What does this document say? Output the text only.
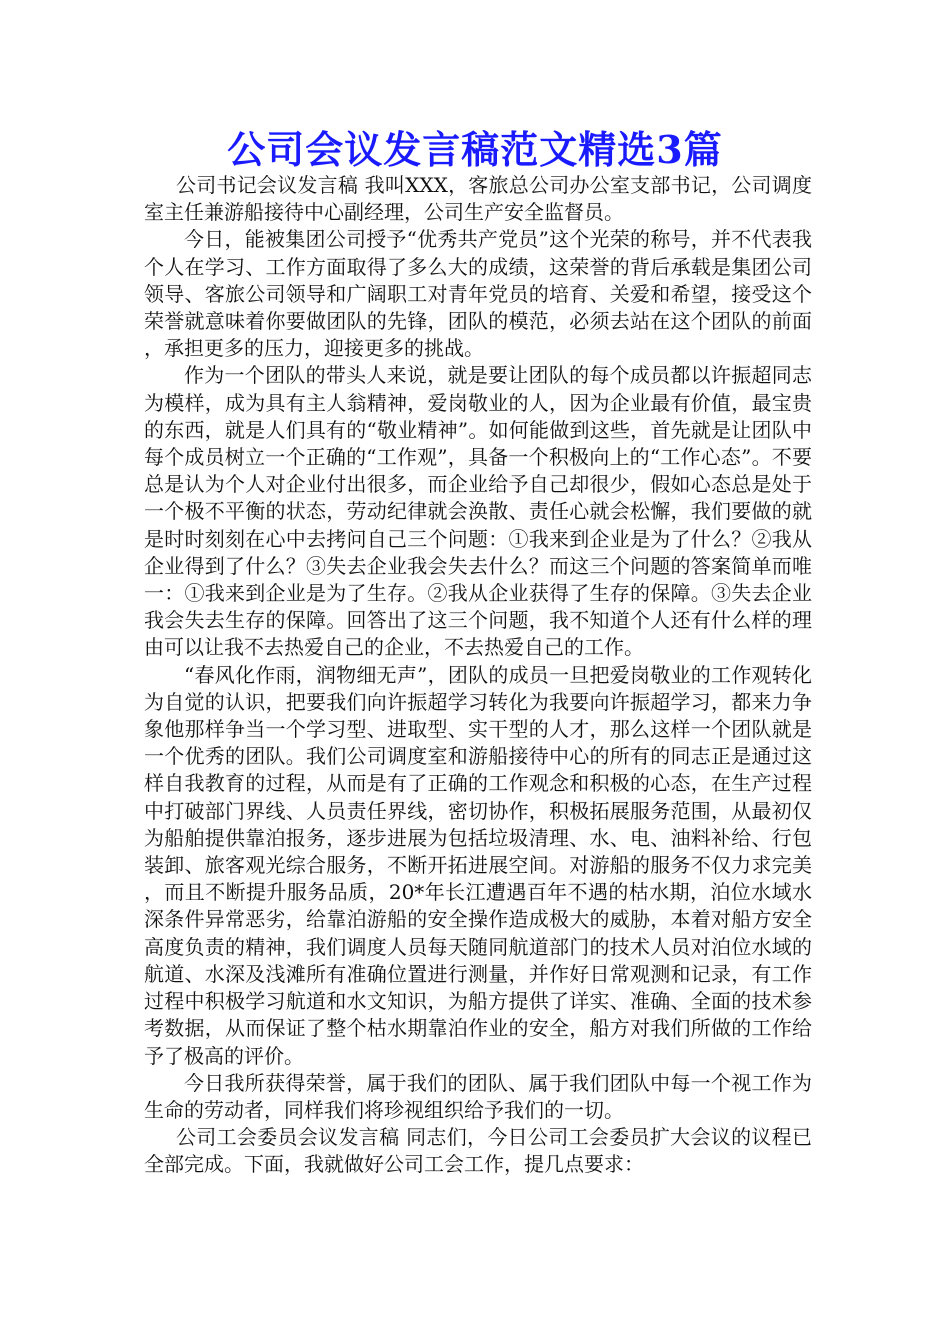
公司会议发言稿范文精选3篇

公司书记会议发言稿 我叫XXX，客旅总公司办公室支部书记，公司调度室主任兼游船接待中心副经理，公司生产安全监督员。

今日，能被集团公司授予“优秀共产党员”这个光荣的称号，并不代表我个人在学习、工作方面取得了多么大的成绩，这荣誉的背后承载是集团公司领导、客旅公司领导和广阔职工对青年党员的培育、关爱和希望，接受这个荣誉就意味着你要做团队的先锋，团队的模范，必须去站在这个团队的前面，承担更多的压力，迎接更多的挑战。

作为一个团队的带头人来说，就是要让团队的每个成员都以许振超同志为模样，成为具有主人翁精神，爱岗敬业的人，因为企业最有价值，最宝贵的东西，就是人们具有的“敬业精神”。如何能做到这些，首先就是让团队中每个成员树立一个正确的“工作观”，具备一个积极向上的“工作心态”。不要总是认为个人对企业付出很多，而企业给予自己却很少，假如心态总是处于一个极不平衡的状态，劳动纪律就会涣散、责任心就会松懈，我们要做的就是时时刻刻在心中去拷问自己三个问题：①我来到企业是为了什么？②我从企业得到了什么？③失去企业我会失去什么？而这三个问题的答案简单而唯一：①我来到企业是为了生存。②我从企业获得了生存的保障。③失去企业我会失去生存的保障。回答出了这三个问题，我不知道个人还有什么样的理由可以让我不去热爱自己的企业，不去热爱自己的工作。

“春风化作雨，润物细无声”，团队的成员一旦把爱岗敬业的工作观转化为自觉的认识，把要我们向许振超学习转化为我要向许振超学习，都来力争象他那样争当一个学习型、进取型、实干型的人才，那么这样一个团队就是一个优秀的团队。我们公司调度室和游船接待中心的所有的同志正是通过这样自我教育的过程，从而是有了正确的工作观念和积极的心态，在生产过程中打破部门界线、人员责任界线，密切协作，积极拓展服务范围，从最初仅为船舶提供靠泊报务，逐步进展为包括垃圾清理、水、电、油料补给、行包装卸、旅客观光综合服务，不断开拓进展空间。对游船的服务不仅力求完美，而且不断提升服务品质，20*年长江遭遇百年不遇的枯水期，泊位水域水深条件异常恶劣，给靠泊游船的安全操作造成极大的威胁，本着对船方安全高度负责的精神，我们调度人员每天随同航道部门的技术人员对泊位水域的航道、水深及浅滩所有准确位置进行测量，并作好日常观测和记录，有工作过程中积极学习航道和水文知识，为船方提供了详实、准确、全面的技术参考数据，从而保证了整个枯水期靠泊作业的安全，船方对我们所做的工作给予了极高的评价。

今日我所获得荣誉，属于我们的团队、属于我们团队中每一个视工作为生命的劳动者，同样我们将珍视组织给予我们的一切。

公司工会委员会议发言稿 同志们，今日公司工会委员扩大会议的议程已全部完成。下面，我就做好公司工会工作，提几点要求：
